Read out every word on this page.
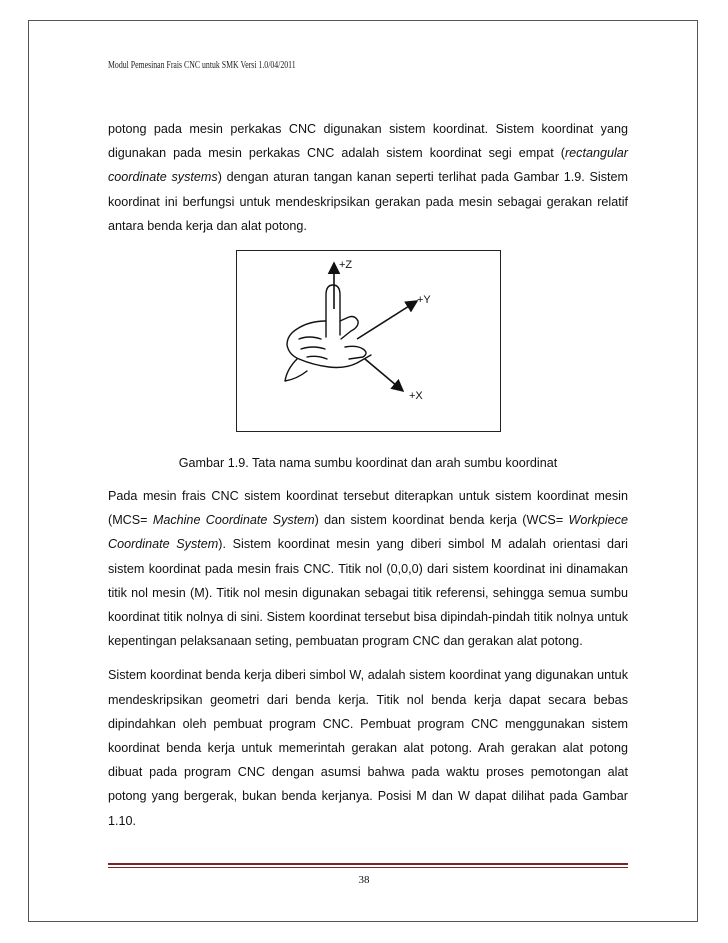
Modul Pemesinan Frais CNC untuk SMK Versi 1.0/04/2011

potong pada mesin perkakas CNC digunakan sistem koordinat. Sistem koordinat yang digunakan pada mesin perkakas CNC adalah sistem koordinat segi empat (rectangular coordinate systems) dengan aturan tangan kanan seperti terlihat pada Gambar 1.9. Sistem koordinat ini berfungsi untuk mendeskripsikan gerakan pada mesin sebagai gerakan relatif antara benda kerja dan alat potong.

+Z
+Y
+X
Gambar 1.9. Tata nama sumbu koordinat dan arah sumbu koordinat

Pada mesin frais CNC sistem koordinat tersebut diterapkan untuk sistem koordinat mesin (MCS= Machine Coordinate System) dan sistem koordinat benda kerja (WCS= Workpiece Coordinate System). Sistem koordinat mesin yang diberi simbol M adalah orientasi dari sistem koordinat pada mesin frais CNC. Titik nol (0,0,0) dari sistem koordinat ini dinamakan titik nol mesin (M). Titik nol mesin digunakan sebagai titik referensi, sehingga semua sumbu koordinat titik nolnya di sini. Sistem koordinat tersebut bisa dipindah-pindah titik nolnya untuk kepentingan pelaksanaan seting, pembuatan program CNC dan gerakan alat potong.

Sistem koordinat benda kerja diberi simbol W, adalah sistem koordinat yang digunakan untuk mendeskripsikan geometri dari benda kerja. Titik nol benda kerja dapat secara bebas dipindahkan oleh pembuat program CNC. Pembuat program CNC menggunakan sistem koordinat benda kerja untuk memerintah gerakan alat potong. Arah gerakan alat potong dibuat pada program CNC dengan asumsi bahwa pada waktu proses pemotongan alat potong yang bergerak, bukan benda kerjanya. Posisi M dan W dapat dilihat pada Gambar 1.10.

38
